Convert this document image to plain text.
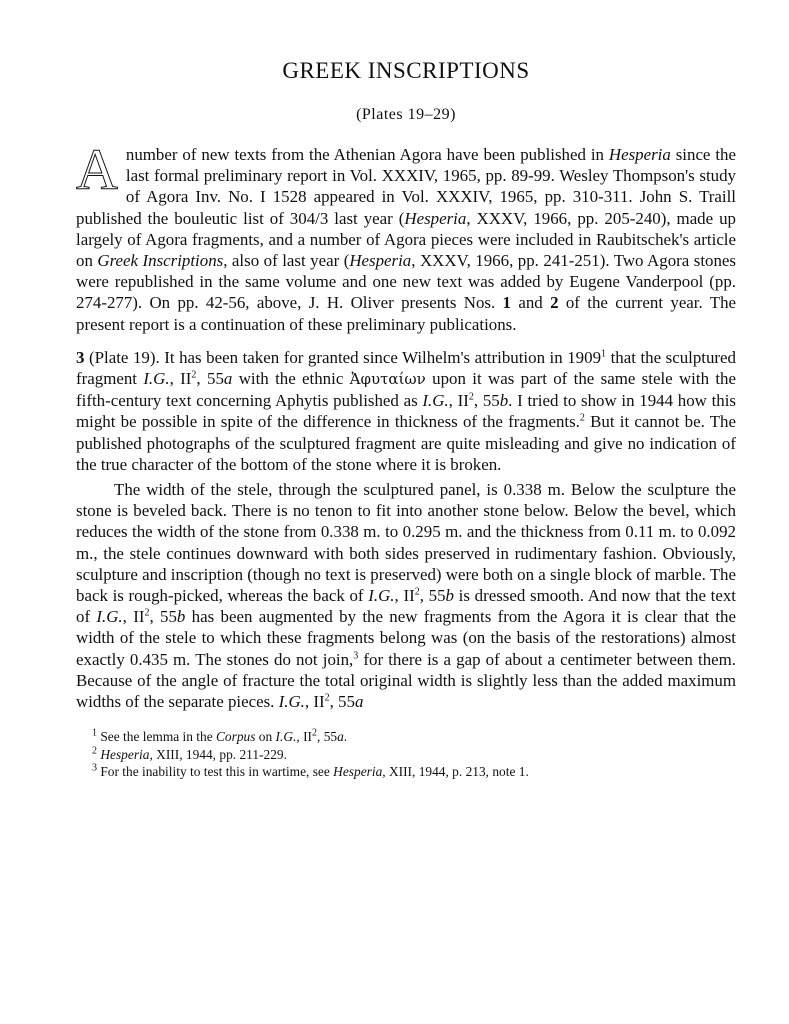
GREEK INSCRIPTIONS
(Plates 19–29)
A number of new texts from the Athenian Agora have been published in Hesperia since the last formal preliminary report in Vol. XXXIV, 1965, pp. 89-99. Wesley Thompson's study of Agora Inv. No. I 1528 appeared in Vol. XXXIV, 1965, pp. 310-311. John S. Traill published the bouleutic list of 304/3 last year (Hesperia, XXXV, 1966, pp. 205-240), made up largely of Agora fragments, and a number of Agora pieces were included in Raubitschek's article on Greek Inscriptions, also of last year (Hesperia, XXXV, 1966, pp. 241-251). Two Agora stones were republished in the same volume and one new text was added by Eugene Vanderpool (pp. 274-277). On pp. 42-56, above, J. H. Oliver presents Nos. 1 and 2 of the current year. The present report is a continuation of these preliminary publications.

3 (Plate 19). It has been taken for granted since Wilhelm's attribution in 1909$^1$ that the sculptured fragment I.G., $II^2$, 55a with the ethnic Ἀφυταίων upon it was part of the same stele with the fifth-century text concerning Aphytis published as I.G., $II^2$, 55b. I tried to show in 1944 how this might be possible in spite of the difference in thickness of the fragments.$^2$ But it cannot be. The published photographs of the sculptured fragment are quite misleading and give no indication of the true character of the bottom of the stone where it is broken.

The width of the stele, through the sculptured panel, is 0.338 m. Below the sculpture the stone is beveled back. There is no tenon to fit into another stone below. Below the bevel, which reduces the width of the stone from 0.338 m. to 0.295 m. and the thickness from 0.11 m. to 0.092 m., the stele continues downward with both sides preserved in rudimentary fashion. Obviously, sculpture and inscription (though no text is preserved) were both on a single block of marble. The back is rough-picked, whereas the back of I.G., $II^2$, 55b is dressed smooth. And now that the text of I.G., $II^2$, 55b has been augmented by the new fragments from the Agora it is clear that the width of the stele to which these fragments belong was (on the basis of the restorations) almost exactly 0.435 m. The stones do not join,$^3$ for there is a gap of about a centimeter between them. Because of the angle of fracture the total original width is slightly less than the added maximum widths of the separate pieces. I.G., $II^2$, 55a

$^1$ See the lemma in the Corpus on I.G., $II^2$, 55a.
$^2$ Hesperia, XIII, 1944, pp. 211-229.
$^3$ For the inability to test this in wartime, see Hesperia, XIII, 1944, p. 213, note 1.
